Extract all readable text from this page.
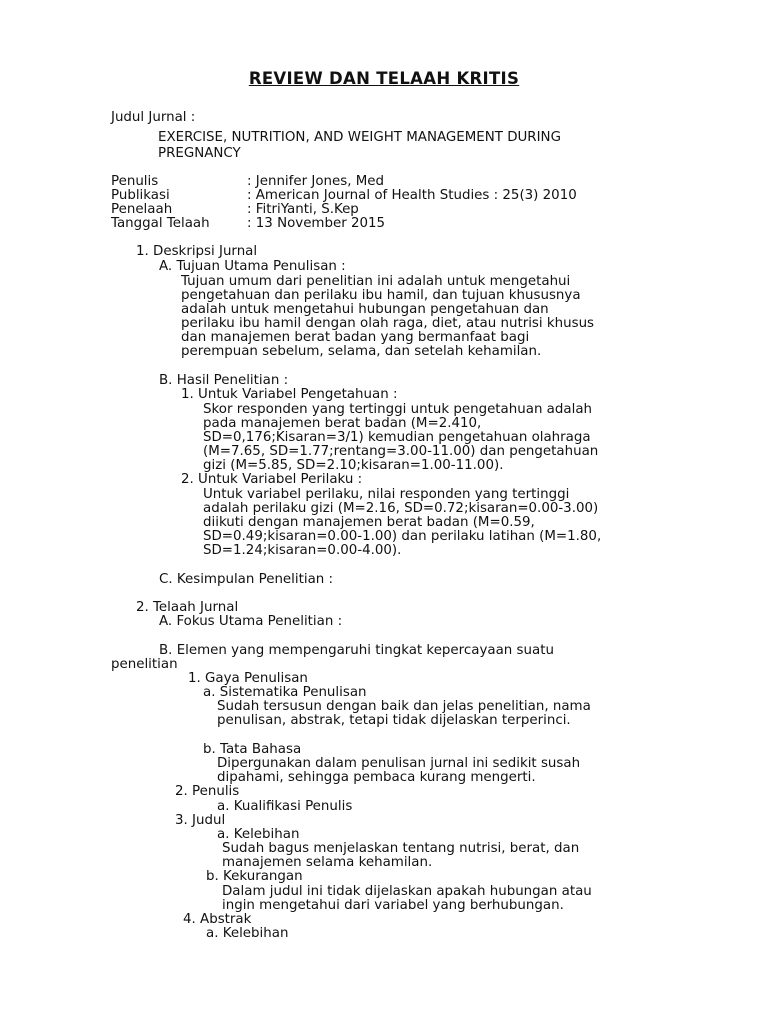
REVIEW DAN TELAAH KRITIS
Judul Jurnal :
EXERCISE, NUTRITION, AND WEIGHT MANAGEMENT DURING
PREGNANCY
Penulis	: Jennifer Jones, Med
Publikasi	: American Journal of Health Studies : 25(3) 2010
Penelaah	: FitriYanti, S.Kep
Tanggal Telaah	: 13 November 2015
1. Deskripsi Jurnal
A. Tujuan Utama Penulisan :
Tujuan umum dari penelitian ini adalah untuk mengetahui
pengetahuan dan perilaku ibu hamil, dan tujuan khususnya
adalah untuk mengetahui hubungan pengetahuan dan
perilaku ibu hamil dengan olah raga, diet, atau nutrisi khusus
dan manajemen berat badan yang bermanfaat bagi
perempuan sebelum, selama, dan setelah kehamilan.
B. Hasil Penelitian :
1. Untuk Variabel Pengetahuan :
Skor responden yang tertinggi untuk pengetahuan adalah
pada manajemen berat badan (M=2.410,
SD=0,176;Kisaran=3/1) kemudian pengetahuan olahraga
(M=7.65, SD=1.77;rentang=3.00-11.00) dan pengetahuan
gizi (M=5.85, SD=2.10;kisaran=1.00-11.00).
2. Untuk Variabel Perilaku :
Untuk variabel perilaku, nilai responden yang tertinggi
adalah perilaku gizi (M=2.16, SD=0.72;kisaran=0.00-3.00)
diikuti dengan manajemen berat badan (M=0.59,
SD=0.49;kisaran=0.00-1.00) dan perilaku latihan (M=1.80,
SD=1.24;kisaran=0.00-4.00).
C. Kesimpulan Penelitian :
2. Telaah Jurnal
A. Fokus Utama Penelitian :
B. Elemen yang mempengaruhi tingkat kepercayaan suatu
penelitian
1. Gaya Penulisan
a. Sistematika Penulisan
Sudah tersusun dengan baik dan jelas penelitian, nama
penulisan, abstrak, tetapi tidak dijelaskan terperinci.
b. Tata Bahasa
Dipergunakan dalam penulisan jurnal ini sedikit susah
dipahami, sehingga pembaca kurang mengerti.
2. Penulis
a. Kualifikasi Penulis
3. Judul
a. Kelebihan
Sudah bagus menjelaskan tentang nutrisi, berat, dan
manajemen selama kehamilan.
b. Kekurangan
Dalam judul ini tidak dijelaskan apakah hubungan atau
ingin mengetahui dari variabel yang berhubungan.
4. Abstrak
a. Kelebihan
